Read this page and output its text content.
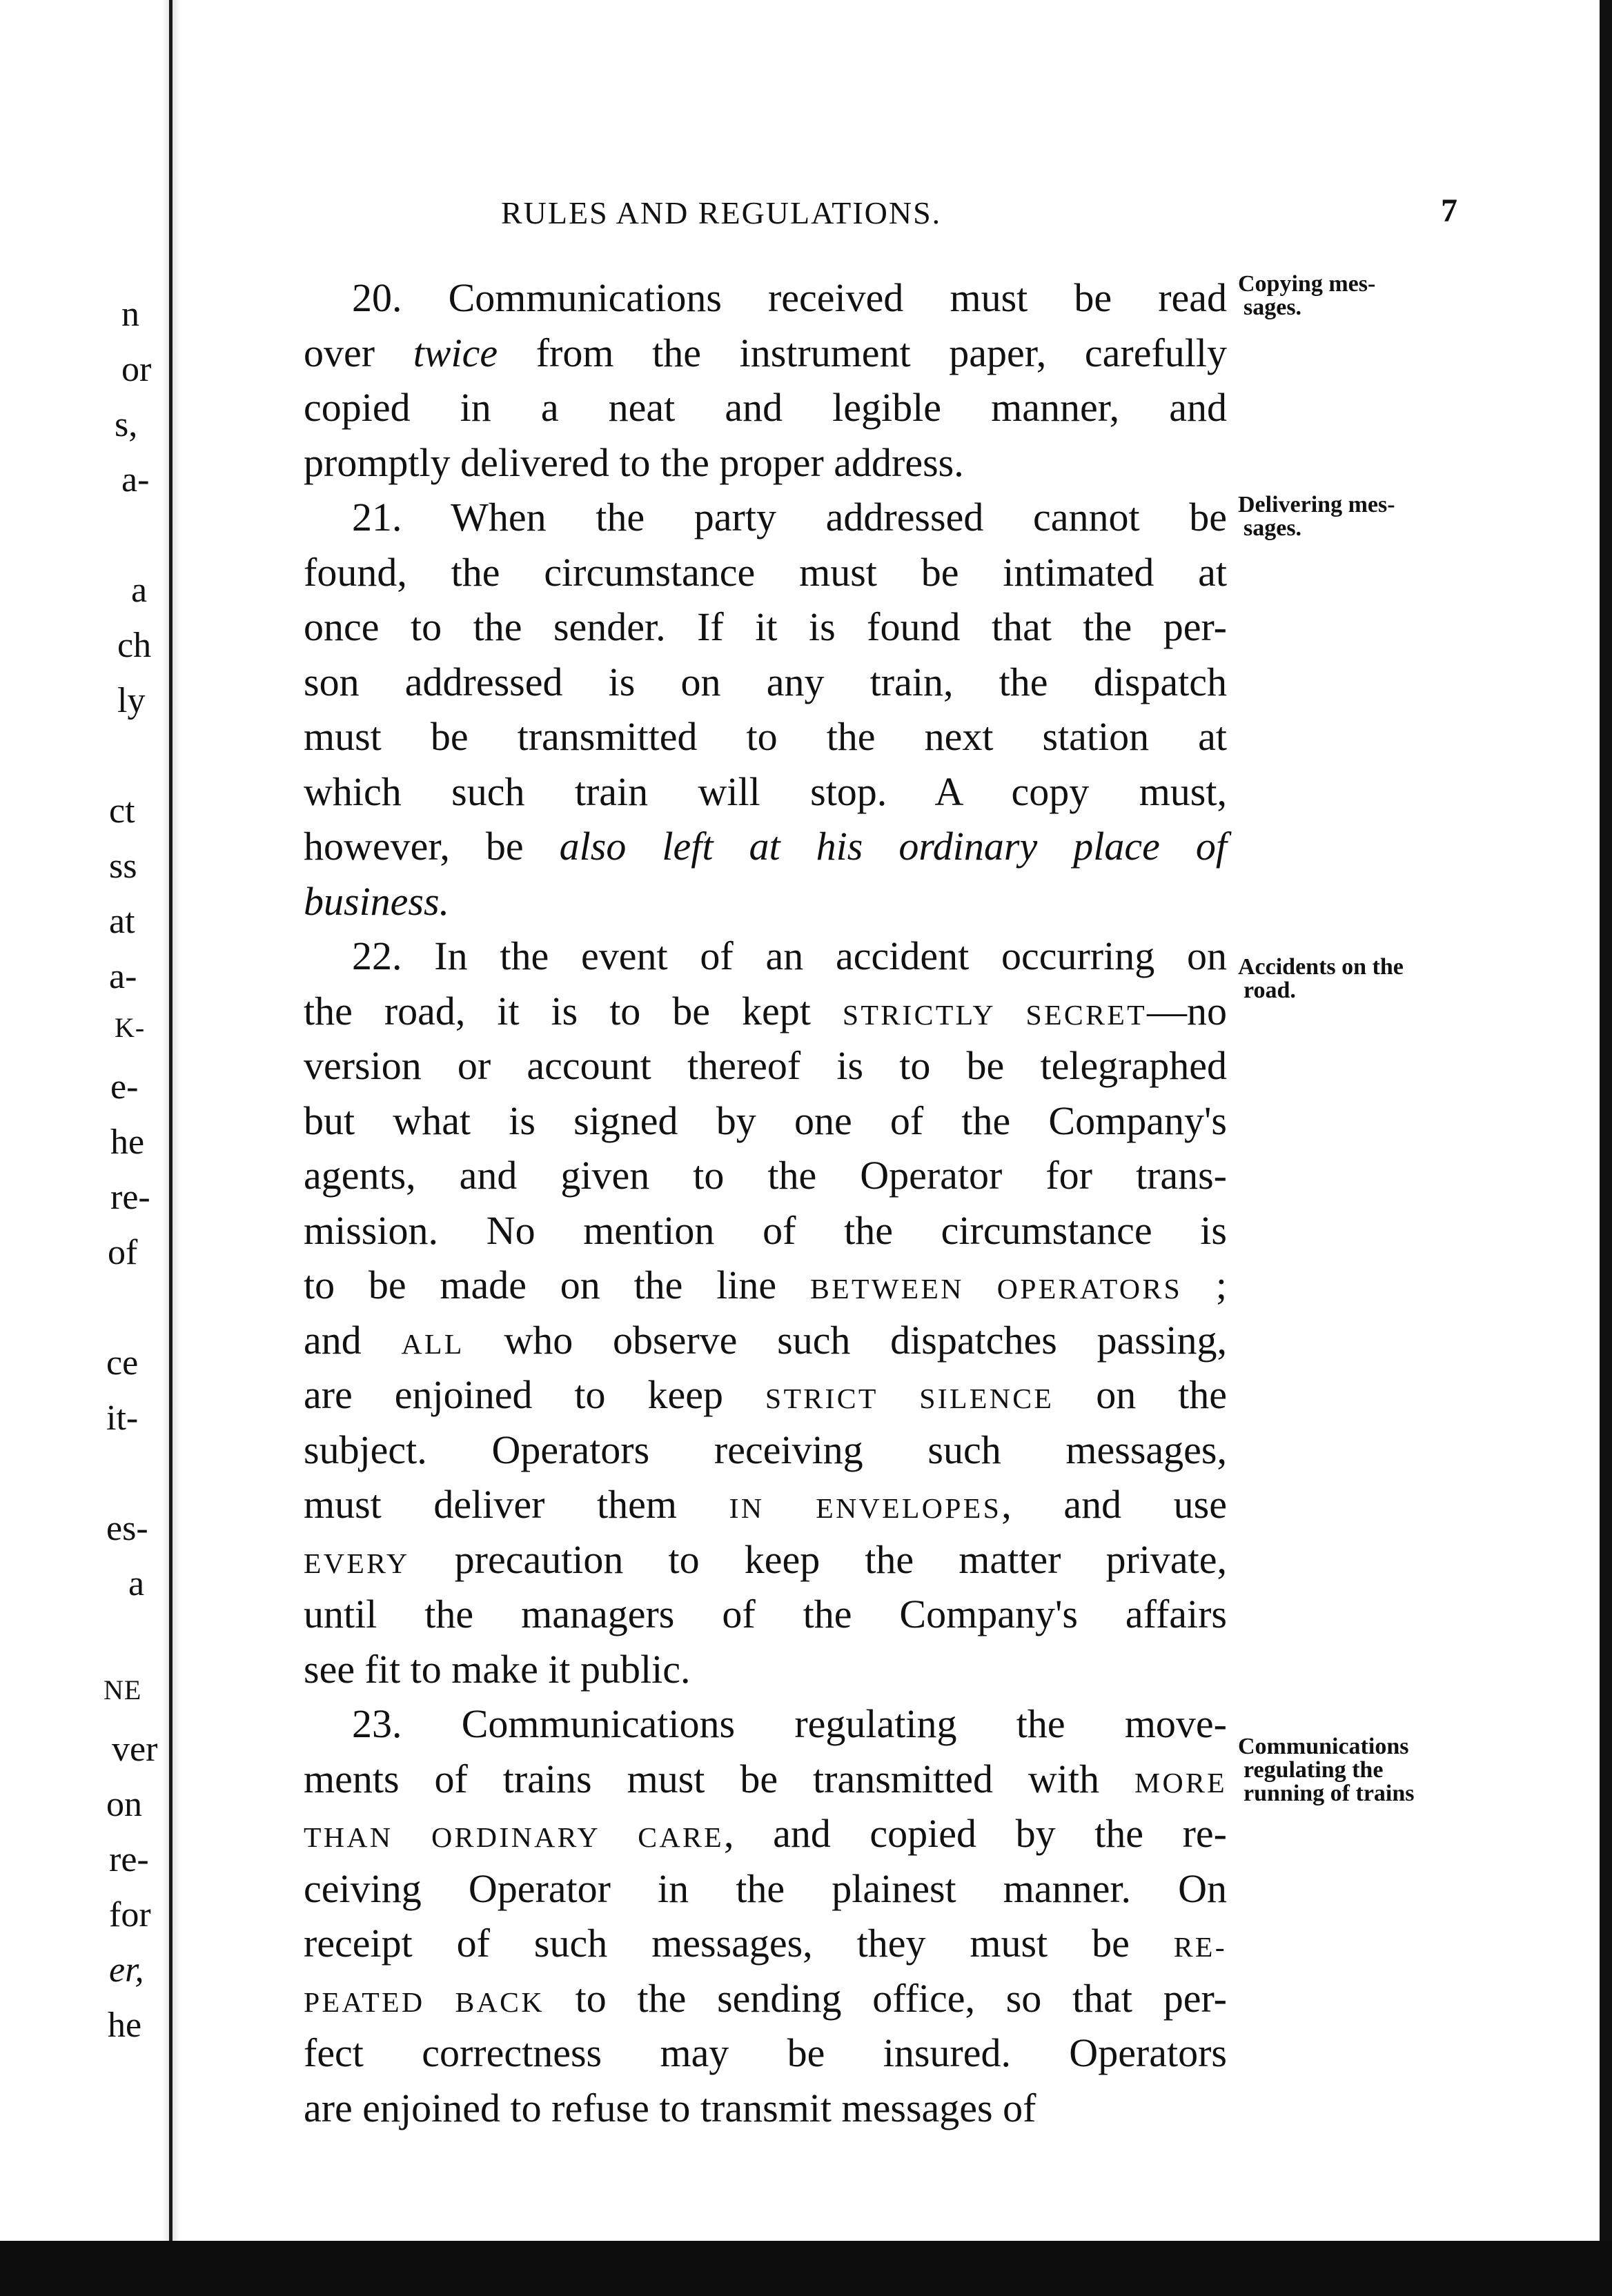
n
or
s,
a-
a
ch
ly
ct
ss
at
a-
K-
e-
he
re-
of
ce
it-
es-
a
NE
ver
on
re-
for
er,
he
RULES AND REGULATIONS.	7
20. Communications received must be read
over twice from the instrument paper, carefully
copied in a neat and legible manner, and
promptly delivered to the proper address.
21. When the party addressed cannot be
found, the circumstance must be intimated at
once to the sender. If it is found that the per-
son addressed is on any train, the dispatch
must be transmitted to the next station at
which such train will stop. A copy must,
however, be also left at his ordinary place of
business.
22. In the event of an accident occurring on
the road, it is to be kept STRICTLY SECRET—no
version or account thereof is to be telegraphed
but what is signed by one of the Company's
agents, and given to the Operator for trans-
mission. No mention of the circumstance is
to be made on the line BETWEEN OPERATORS ;
and ALL who observe such dispatches passing,
are enjoined to keep STRICT SILENCE on the
subject. Operators receiving such messages,
must deliver them IN ENVELOPES, and use
EVERY precaution to keep the matter private,
until the managers of the Company's affairs
see fit to make it public.
23. Communications regulating the move-
ments of trains must be transmitted with MORE
THAN ORDINARY CARE, and copied by the re-
ceiving Operator in the plainest manner. On
receipt of such messages, they must be RE-
PEATED BACK to the sending office, so that per-
fect correctness may be insured. Operators
are enjoined to refuse to transmit messages of
Copying mes-
sages.
Delivering mes-
sages.
Accidents on the
road.
Communications
regulating the
running of trains
